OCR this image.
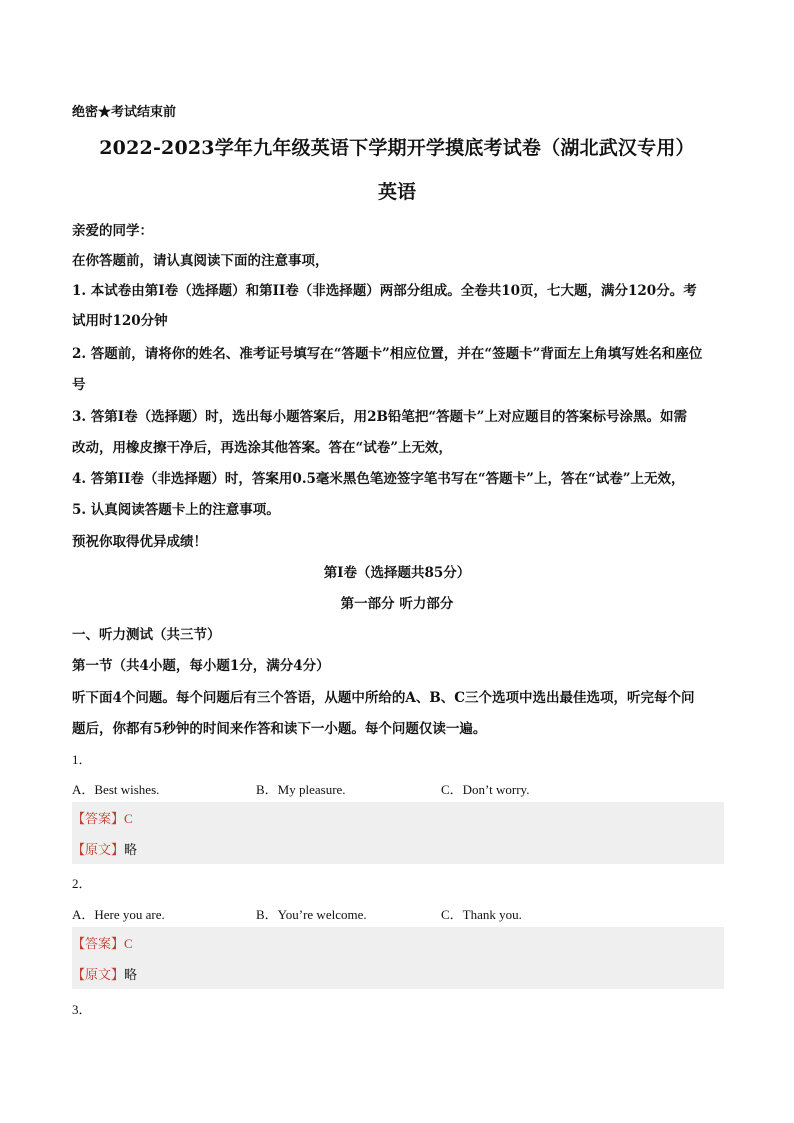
绝密★考试结束前
2022-2023学年九年级英语下学期开学摸底考试卷（湖北武汉专用）
英语
亲爱的同学：
在你答题前，请认真阅读下面的注意事项，
1. 本试卷由第I卷（选择题）和第II卷（非选择题）两部分组成。全卷共10页，七大题，满分120分。考
试用时120分钟
2. 答题前，请将你的姓名、准考证号填写在“答题卡”相应位置，并在“签题卡”背面左上角填写姓名和座位
号
3. 答第I卷（选择题）时，选出每小题答案后，用2B铅笔把“答题卡”上对应题目的答案标号涂黑。如需
改动，用橡皮擦干净后，再选涂其他答案。答在“试卷”上无效，
4. 答第II卷（非选择题）时，答案用0.5毫米黑色笔迹签字笔书写在“答题卡”上，答在“试卷”上无效，
5. 认真阅读答题卡上的注意事项。
预祝你取得优异成绩！
第I卷（选择题共85分）
第一部分 听力部分
一、听力测试（共三节）
第一节（共4小题，每小题1分，满分4分）
听下面4个问题。每个问题后有三个答语，从题中所给的A、B、C三个选项中选出最佳选项，听完每个问
题后，你都有5秒钟的时间来作答和读下一小题。每个问题仅读一遍。
1．
A．Best wishes.	B．My pleasure.	C．Don’t worry.
【答案】C
【原文】略
2．
A．Here you are.	B．You’re welcome.	C．Thank you.
【答案】C
【原文】略
3．
